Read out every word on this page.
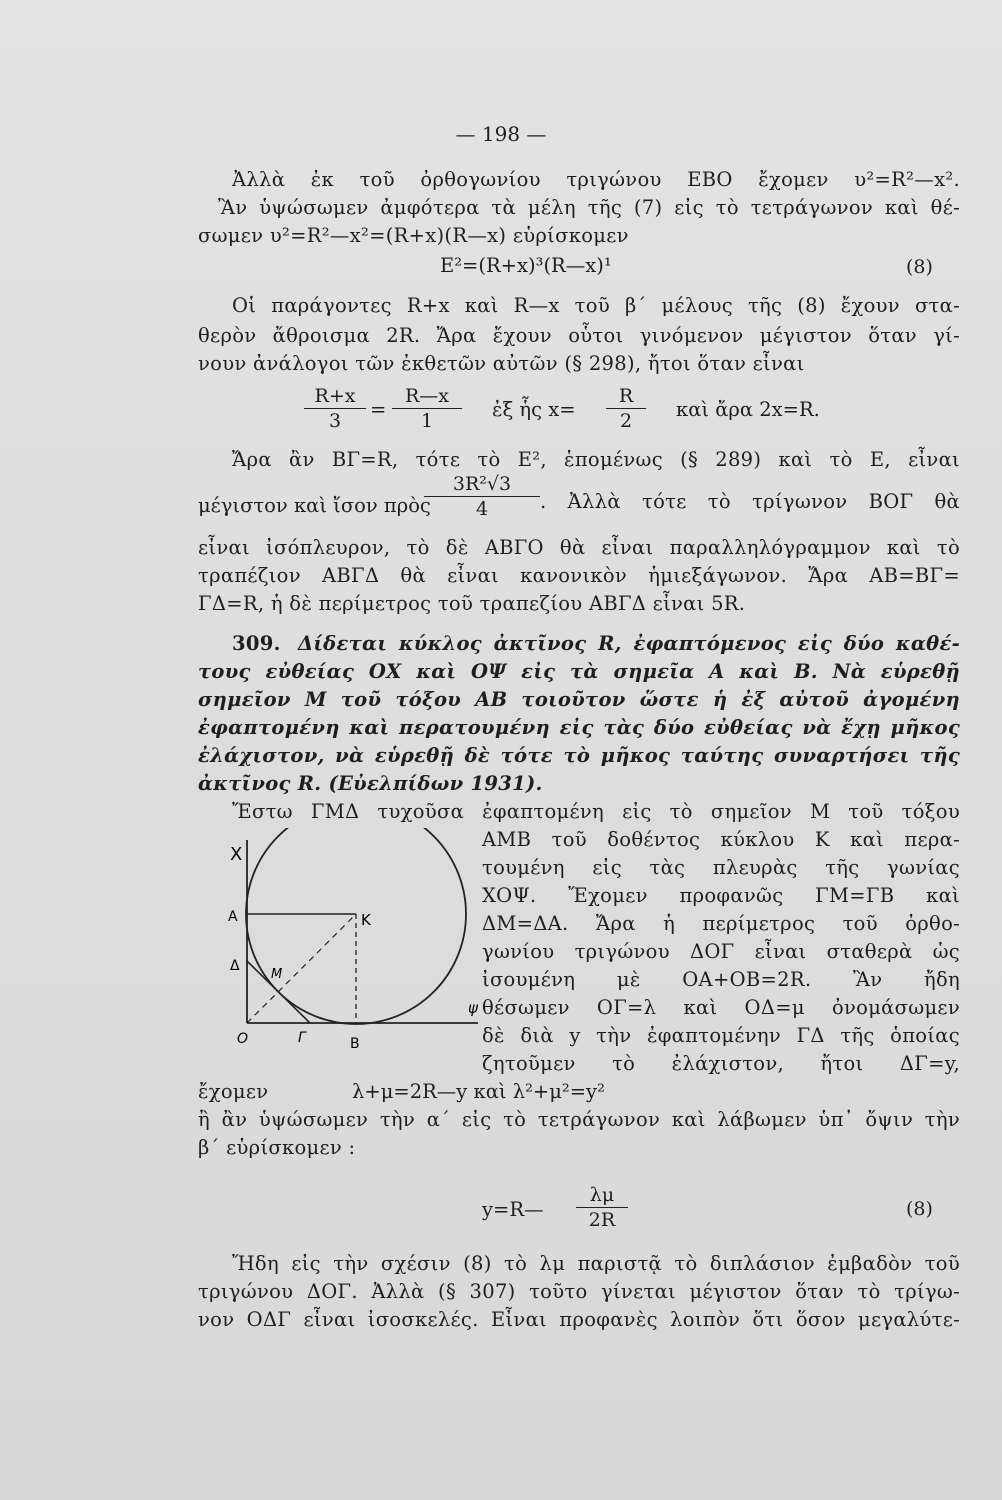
— 198 —
Ἀλλὰ ἐκ τοῦ ὀρθογωνίου τριγώνου ΕΒΟ ἔχομεν υ²=R²—x².
Ἂν ὑψώσωμεν ἀμφότερα τὰ μέλη τῆς (7) εἰς τὸ τετράγωνον καὶ θέ-
σωμεν υ²=R²—x²=(R+x)(R—x) εὑρίσκομεν
E²=(R+x)³(R—x)¹	(8)
Οἱ παράγοντες R+x καὶ R—x τοῦ β΄ μέλους τῆς (8) ἔχουν στα-
θερὸν ἄθροισμα 2R. Ἄρα ἔχουν οὗτοι γινόμενον μέγιστον ὅταν γί-
νουν ἀνάλογοι τῶν ἐκθετῶν αὐτῶν (§ 298), ἤτοι ὅταν εἶναι
$\frac{R+x}{3} = \frac{R—x}{1}$ ἐξ ἧς $x= \frac{R}{2}$ καὶ ἄρα 2x=R.
Ἄρα ἂν ΒΓ=R, τότε τὸ Ε², ἑπομένως (§ 289) καὶ τὸ Ε, εἶναι
μέγιστον καὶ ἴσον πρὸς
$\frac{\text{3R²√3}}{4}$ . Ἀλλὰ τότε τὸ τρίγωνον ΒΟΓ θὰ
εἶναι ἰσόπλευρον, τὸ δὲ ΑΒΓΟ θὰ εἶναι παραλληλόγραμμον καὶ τὸ
τραπέζιον ΑΒΓΔ θὰ εἶναι κανονικὸν ἡμιεξάγωνον. Ἄρα ΑΒ=ΒΓ=
ΓΔ=R, ἡ δὲ περίμετρος τοῦ τραπεζίου ΑΒΓΔ εἶναι 5R.
309. Δίδεται κύκλος ἀκτῖνος R, ἐφαπτόμενος εἰς δύο καθέ-
τους εὐθείας ΟΧ καὶ ΟΨ εἰς τὰ σημεῖα Α καὶ Β. Νὰ εὑρεθῇ
σημεῖον Μ τοῦ τόξου ΑΒ τοιοῦτον ὥστε ἡ ἐξ αὐτοῦ ἀγομένη
ἐφαπτομένη καὶ περατουμένη εἰς τὰς δύο εὐθείας νὰ ἔχῃ μῆκος
ἐλάχιστον, νὰ εὑρεθῇ δὲ τότε τὸ μῆκος ταύτης συναρτήσει τῆς
ἀκτῖνος R. (Εὐελπίδων 1931).
Ἔστω ΓΜΔ τυχοῦσα ἐφαπτομένη εἰς τὸ σημεῖον Μ τοῦ τόξου
ΑΜΒ τοῦ δοθέντος κύκλου Κ καὶ περα-
τουμένη εἰς τὰς πλευρὰς τῆς γωνίας
ΧΟΨ. Ἔχομεν προφανῶς ΓΜ=ΓΒ καὶ
ΔΜ=ΔΑ. Ἄρα ἡ περίμετρος τοῦ ὀρθο-
γωνίου τριγώνου ΔΟΓ εἶναι σταθερὰ ὡς
ἰσουμένη μὲ ΟΑ+ΟΒ=2R. Ἂν ἤδη
θέσωμεν ΟΓ=λ καὶ ΟΔ=μ ὀνομάσωμεν
δὲ διὰ y τὴν ἐφαπτομένην ΓΔ τῆς ὁποίας
ζητοῦμεν τὸ ἐλάχιστον, ἤτοι ΔΓ=y,
ἔχομεν	λ+μ=2R—y καὶ λ²+μ²=y²
ἢ ἂν ὑψώσωμεν τὴν α΄ εἰς τὸ τετράγωνον καὶ λάβωμεν ὑπ᾽ ὄψιν τὴν
β΄ εὑρίσκομεν :
y=R— $\frac{\lambda\mu}{2R}$	(8)
Ἤδη εἰς τὴν σχέσιν (8) τὸ λμ παριστᾷ τὸ διπλάσιον ἐμβαδὸν τοῦ
τριγώνου ΔΟΓ. Ἀλλὰ (§ 307) τοῦτο γίνεται μέγιστον ὅταν τὸ τρίγω-
νον ΟΔΓ εἶναι ἰσοσκελές. Εἶναι προφανὲς λοιπὸν ὅτι ὅσον μεγαλύτε-
X
A	K
Δ
M
O	Γ	B
ψ
